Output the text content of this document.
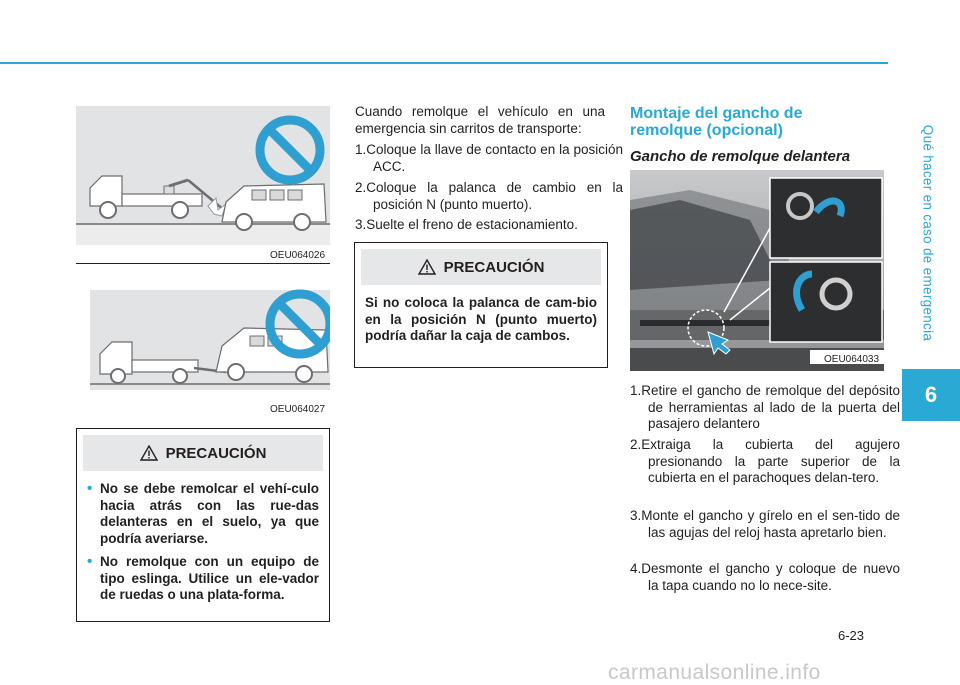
Qué hacer en caso de emergencia
6
OEU064026
OEU064027
PRECAUCIÓN
• No se debe remolcar el vehí-culo hacia atrás con las rue-das delanteras en el suelo, ya que podría averiarse.
• No remolque con un equipo de tipo eslinga. Utilice un ele-vador de ruedas o una plata-forma.
Cuando remolque el vehículo en una emergencia sin carritos de transporte:
1.Coloque la llave de contacto en la posición ACC.
2.Coloque la palanca de cambio en la posición N (punto muerto).
3.Suelte el freno de estacionamiento.
PRECAUCIÓN
Si no coloca la palanca de cam-bio en la posición N (punto muerto) podría dañar la caja de cambos.
Montaje del gancho de remolque (opcional)
Gancho de remolque delantera
OEU064033
1.Retire el gancho de remolque del depósito de herramientas al lado de la puerta del pasajero delantero
2.Extraiga la cubierta del agujero presionando la parte superior de la cubierta en el parachoques delan-tero.
3.Monte el gancho y gírelo en el sen-tido de las agujas del reloj hasta apretarlo bien.
4.Desmonte el gancho y coloque de nuevo la tapa cuando no lo nece-site.
6-23
carmanualsonline.info
